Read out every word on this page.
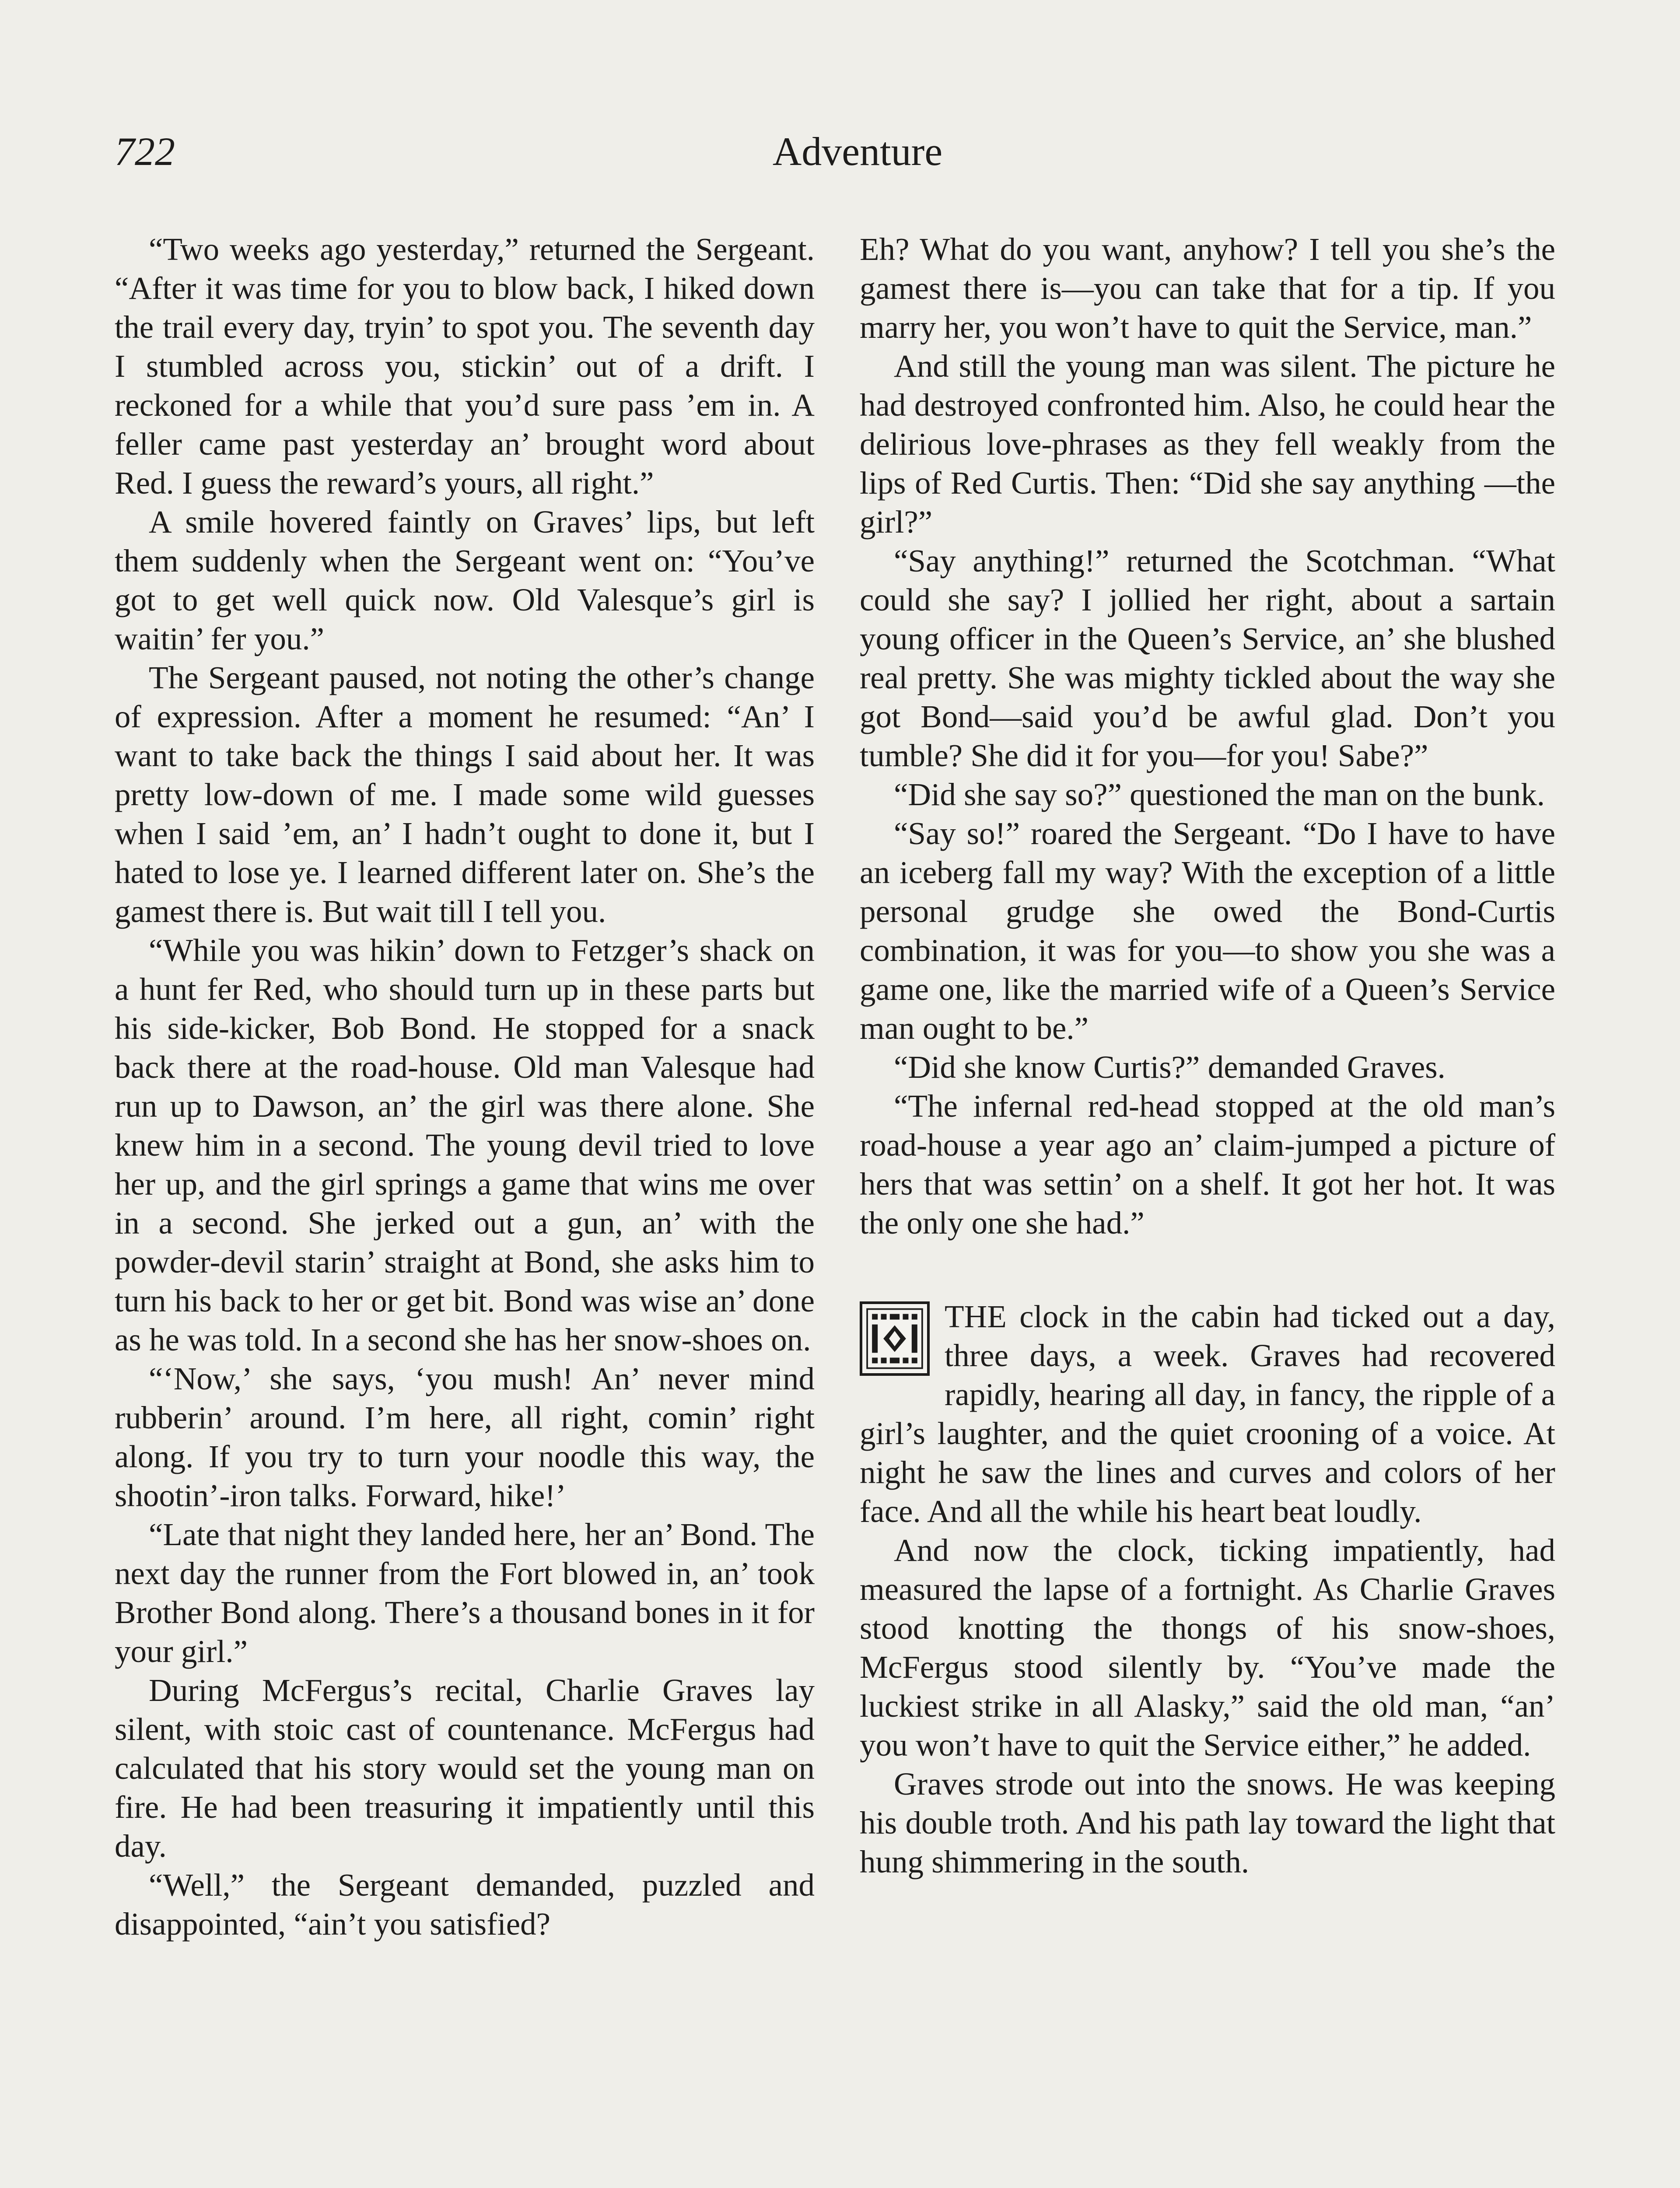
722	Adventure

“Two weeks ago yesterday,” returned the Sergeant. “After it was time for you to blow back, I hiked down the trail every day, tryin’ to spot you. The seventh day I stumbled across you, stickin’ out of a drift. I reckoned for a while that you’d sure pass ’em in. A feller came past yesterday an’ brought word about Red. I guess the reward’s yours, all right.”

A smile hovered faintly on Graves’ lips, but left them suddenly when the Sergeant went on: “You’ve got to get well quick now. Old Valesque’s girl is waitin’ fer you.”

The Sergeant paused, not noting the other’s change of expression. After a moment he resumed: “An’ I want to take back the things I said about her. It was pretty low-down of me. I made some wild guesses when I said ’em, an’ I hadn’t ought to done it, but I hated to lose ye. I learned different later on. She’s the gamest there is. But wait till I tell you.

“While you was hikin’ down to Fetzger’s shack on a hunt fer Red, who should turn up in these parts but his side-kicker, Bob Bond. He stopped for a snack back there at the road-house. Old man Valesque had run up to Dawson, an’ the girl was there alone. She knew him in a second. The young devil tried to love her up, and the girl springs a game that wins me over in a second. She jerked out a gun, an’ with the powder-devil starin’ straight at Bond, she asks him to turn his back to her or get bit. Bond was wise an’ done as he was told. In a second she has her snow-shoes on.

“‘Now,’ she says, ‘you mush! An’ never mind rubberin’ around. I’m here, all right, comin’ right along. If you try to turn your noodle this way, the shootin’-iron talks. Forward, hike!’

“Late that night they landed here, her an’ Bond. The next day the runner from the Fort blowed in, an’ took Brother Bond along. There’s a thousand bones in it for your girl.”

During McFergus’s recital, Charlie Graves lay silent, with stoic cast of countenance. McFergus had calculated that his story would set the young man on fire. He had been treasuring it impatiently until this day.

“Well,” the Sergeant demanded, puzzled and disappointed, “ain’t you satisfied?

Eh? What do you want, anyhow? I tell you she’s the gamest there is—you can take that for a tip. If you marry her, you won’t have to quit the Service, man.”

And still the young man was silent. The picture he had destroyed confronted him. Also, he could hear the delirious love-phrases as they fell weakly from the lips of Red Curtis. Then: “Did she say anything —the girl?”

“Say anything!” returned the Scotchman. “What could she say? I jollied her right, about a sartain young officer in the Queen’s Service, an’ she blushed real pretty. She was mighty tickled about the way she got Bond—said you’d be awful glad. Don’t you tumble? She did it for you—for you! Sabe?”

“Did she say so?” questioned the man on the bunk.

“Say so!” roared the Sergeant. “Do I have to have an iceberg fall my way? With the exception of a little personal grudge she owed the Bond-Curtis combination, it was for you—to show you she was a game one, like the married wife of a Queen’s Service man ought to be.”

“Did she know Curtis?” demanded Graves.

“The infernal red-head stopped at the old man’s road-house a year ago an’ claim-jumped a picture of hers that was settin’ on a shelf. It got her hot. It was the only one she had.”

THE clock in the cabin had ticked out a day, three days, a week. Graves had recovered rapidly, hearing all day, in fancy, the ripple of a girl’s laughter, and the quiet crooning of a voice. At night he saw the lines and curves and colors of her face. And all the while his heart beat loudly.

And now the clock, ticking impatiently, had measured the lapse of a fortnight. As Charlie Graves stood knotting the thongs of his snow-shoes, McFergus stood silently by. “You’ve made the luckiest strike in all Alasky,” said the old man, “an’ you won’t have to quit the Service either,” he added.

Graves strode out into the snows. He was keeping his double troth. And his path lay toward the light that hung shimmering in the south.
